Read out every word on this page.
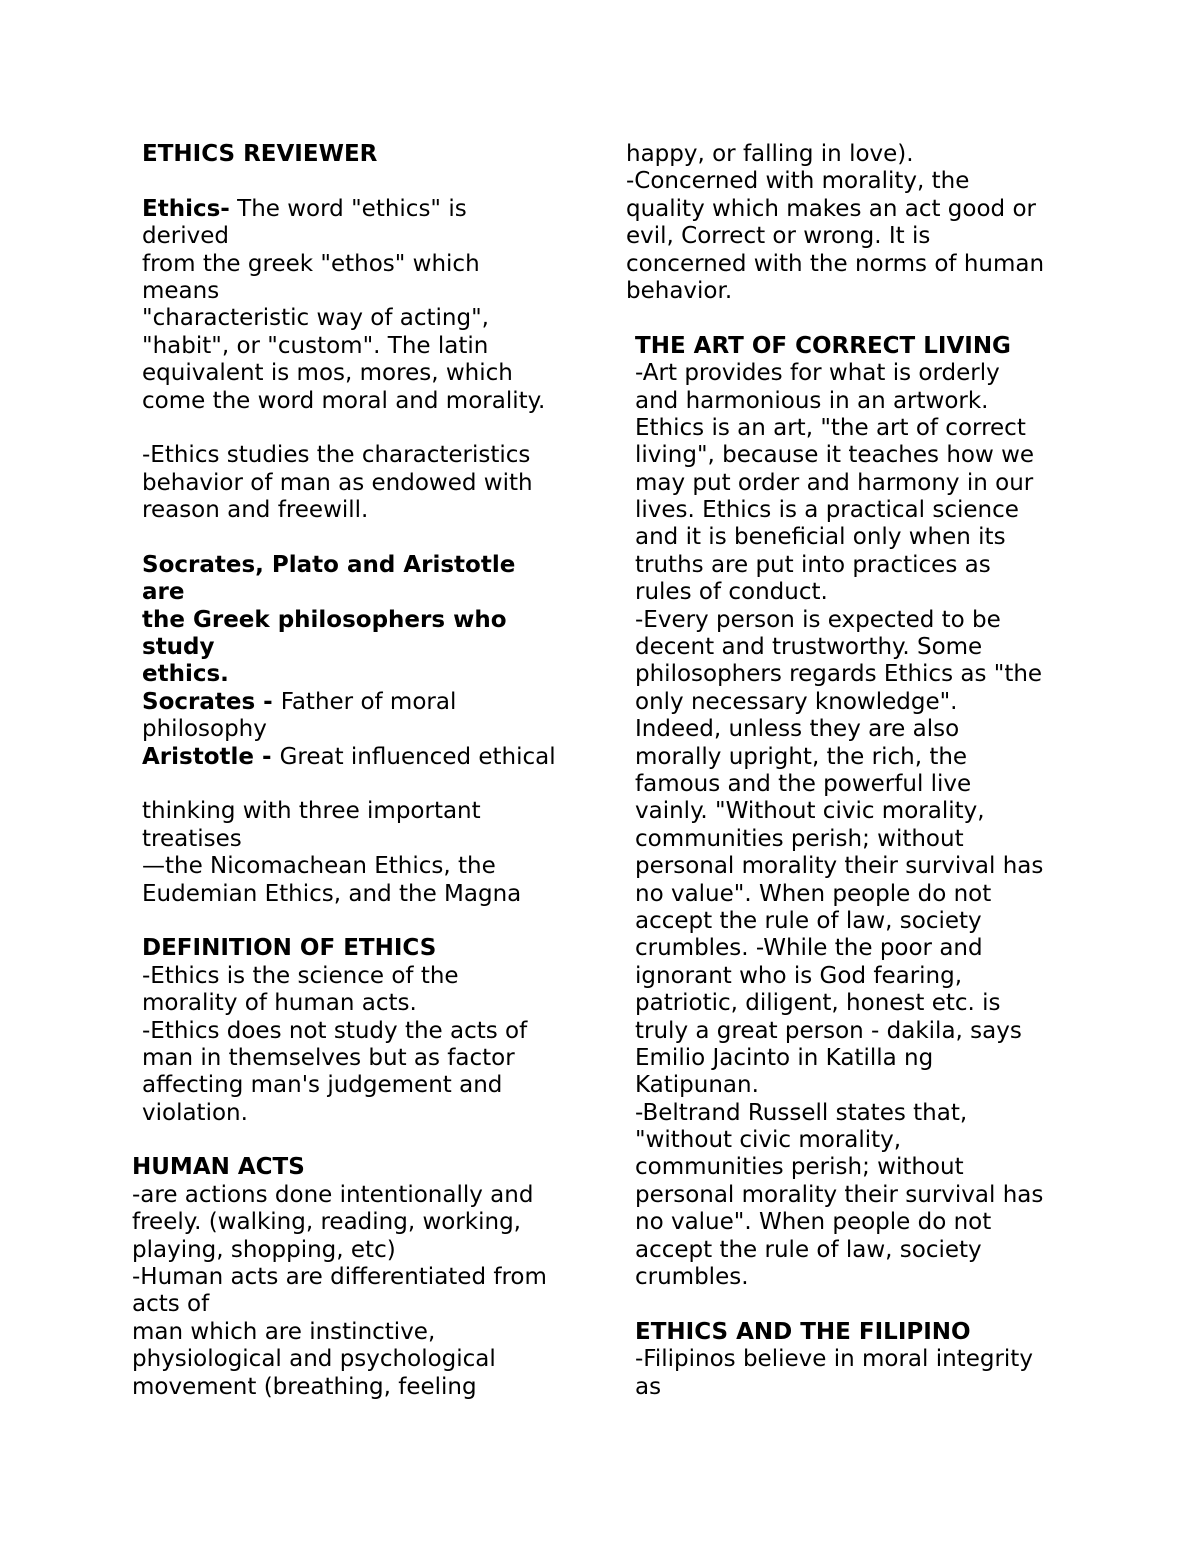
ETHICS REVIEWER
Ethics- The word "ethics" is
derived
from the greek "ethos" which
means
"characteristic way of acting",
"habit", or "custom". The latin
equivalent is mos, mores, which
come the word moral and morality.
-Ethics studies the characteristics
behavior of man as endowed with
reason and freewill.
Socrates, Plato and Aristotle
are
the Greek philosophers who
study
ethics.
Socrates - Father of moral
philosophy
Aristotle - Great influenced ethical
thinking with three important
treatises
—the Nicomachean Ethics, the
Eudemian Ethics, and the Magna
DEFINITION OF ETHICS
-Ethics is the science of the
morality of human acts.
-Ethics does not study the acts of
man in themselves but as factor
affecting man's judgement and
violation.
HUMAN ACTS
-are actions done intentionally and
freely. (walking, reading, working,
playing, shopping, etc)
-Human acts are differentiated from
acts of
man which are instinctive,
physiological and psychological
movement (breathing, feeling
happy, or falling in love).
-Concerned with morality, the
quality which makes an act good or
evil, Correct or wrong. It is
concerned with the norms of human
behavior.
THE ART OF CORRECT LIVING
-Art provides for what is orderly
and harmonious in an artwork.
Ethics is an art, "the art of correct
living", because it teaches how we
may put order and harmony in our
lives. Ethics is a practical science
and it is beneficial only when its
truths are put into practices as
rules of conduct.
-Every person is expected to be
decent and trustworthy. Some
philosophers regards Ethics as "the
only necessary knowledge".
Indeed, unless they are also
morally upright, the rich, the
famous and the powerful live
vainly. "Without civic morality,
communities perish; without
personal morality their survival has
no value". When people do not
accept the rule of law, society
crumbles. -While the poor and
ignorant who is God fearing,
patriotic, diligent, honest etc. is
truly a great person - dakila, says
Emilio Jacinto in Katilla ng
Katipunan.
-Beltrand Russell states that,
"without civic morality,
communities perish; without
personal morality their survival has
no value". When people do not
accept the rule of law, society
crumbles.
ETHICS AND THE FILIPINO
-Filipinos believe in moral integrity
as
